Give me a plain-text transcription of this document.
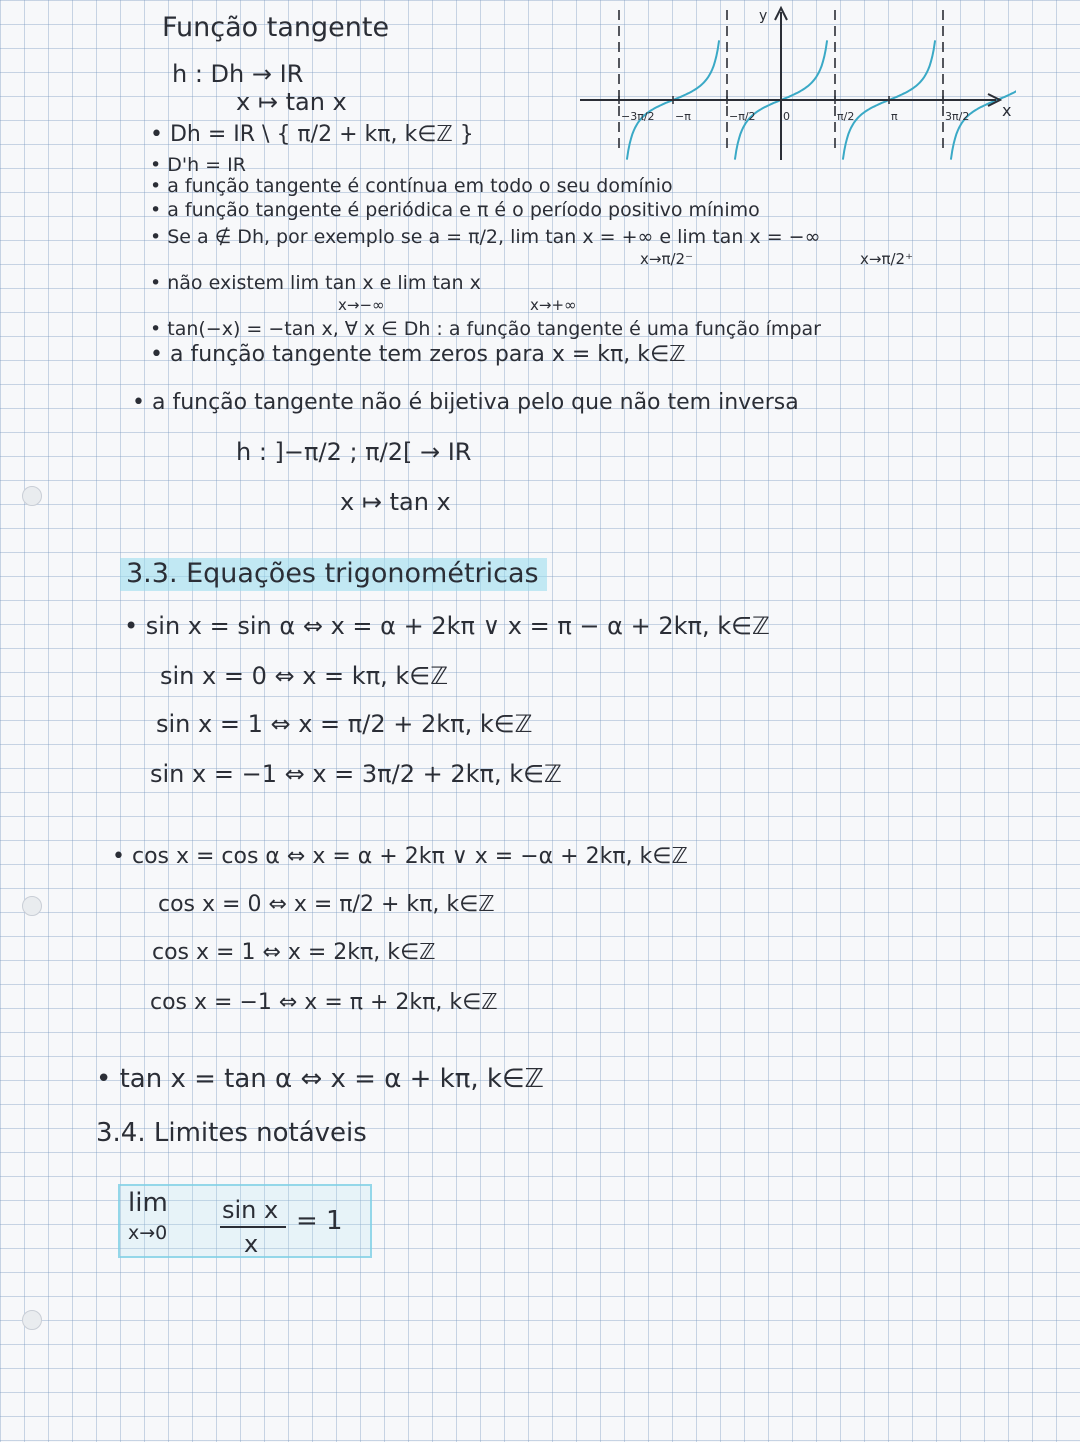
Função tangente
h : Dh → IR
x ↦ tan x
• Dh = IR \ { π/2 + kπ, k∈ℤ }
• D'h = IR
• a função tangente é contínua em todo o seu domínio
• a função tangente é periódica e π é o período positivo mínimo
• Se a ∉ Dh, por exemplo se a = π/2, lim tan x = +∞ e lim tan x = −∞
x→π/2⁻	x→π/2⁺
• não existem lim tan x e lim tan x
x→−∞	x→+∞
• tan(−x) = −tan x, ∀ x ∈ Dh : a função tangente é uma função ímpar
• a função tangente tem zeros para x = kπ, k∈ℤ
• a função tangente não é bijetiva pelo que não tem inversa
h : ]−π/2 ; π/2[ → IR
x ↦ tan x
y
x
−3π/2 −π	−π/2 0	π/2	π	3π/2
3.3. Equações trigonométricas
• sin x = sin α ⇔ x = α + 2kπ ∨ x = π − α + 2kπ, k∈ℤ
sin x = 0 ⇔ x = kπ, k∈ℤ
sin x = 1 ⇔ x = π/2 + 2kπ, k∈ℤ
sin x = −1 ⇔ x = 3π/2 + 2kπ, k∈ℤ
• cos x = cos α ⇔ x = α + 2kπ ∨ x = −α + 2kπ, k∈ℤ
cos x = 0 ⇔ x = π/2 + kπ, k∈ℤ
cos x = 1 ⇔ x = 2kπ, k∈ℤ
cos x = −1 ⇔ x = π + 2kπ, k∈ℤ
• tan x = tan α ⇔ x = α + kπ, k∈ℤ
3.4. Limites notáveis
lim
x→0
sin x
x
= 1
